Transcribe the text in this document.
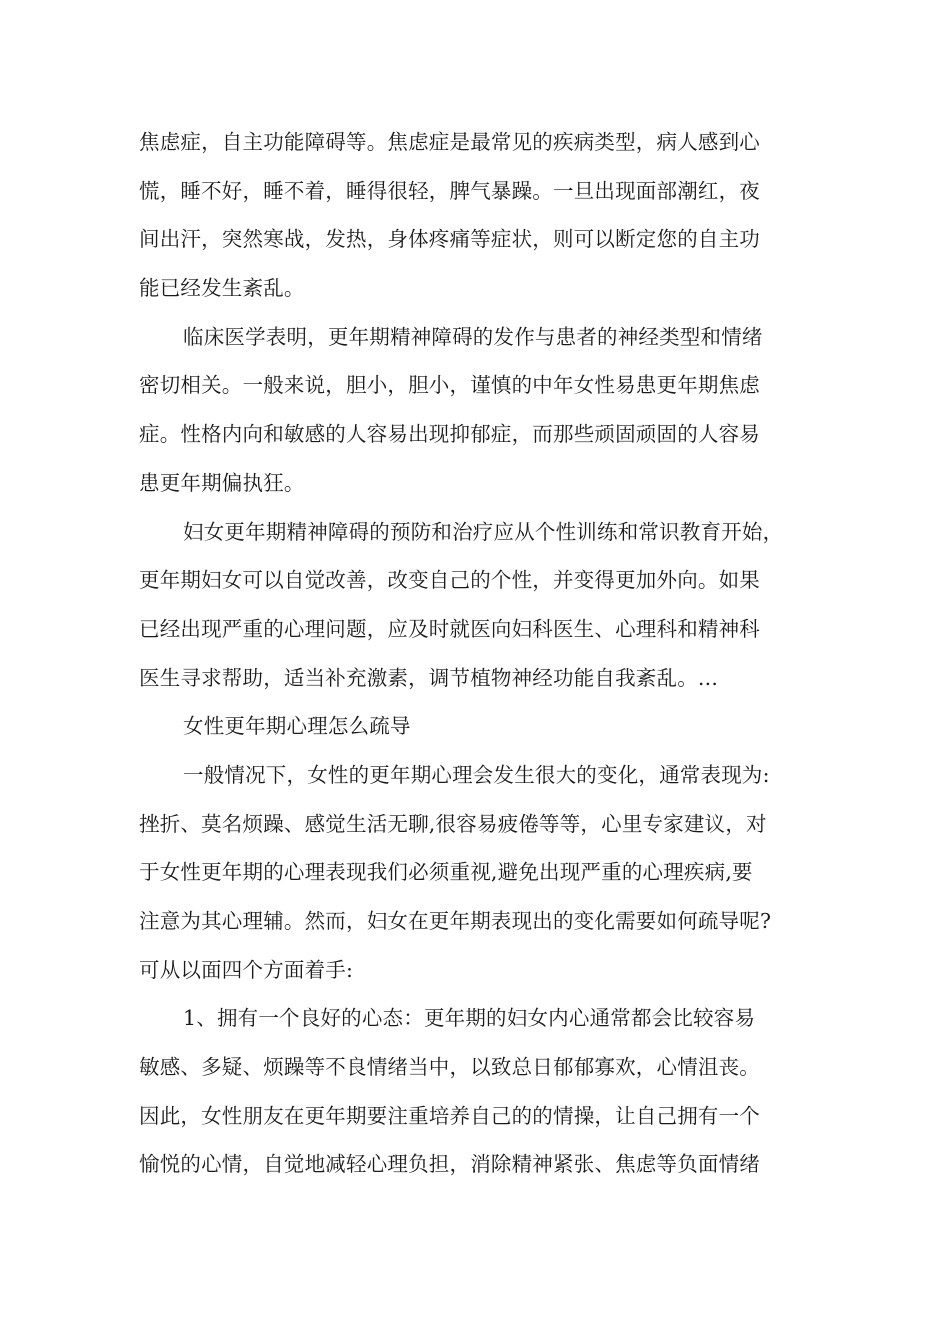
焦虑症，自主功能障碍等。焦虑症是最常见的疾病类型，病人感到心
慌，睡不好，睡不着，睡得很轻，脾气暴躁。一旦出现面部潮红，夜
间出汗，突然寒战，发热，身体疼痛等症状，则可以断定您的自主功
能已经发生紊乱。
临床医学表明，更年期精神障碍的发作与患者的神经类型和情绪
密切相关。一般来说，胆小，胆小，谨慎的中年女性易患更年期焦虑
症。性格内向和敏感的人容易出现抑郁症，而那些顽固顽固的人容易
患更年期偏执狂。
妇女更年期精神障碍的预防和治疗应从个性训练和常识教育开始，
更年期妇女可以自觉改善，改变自己的个性，并变得更加外向。如果
已经出现严重的心理问题，应及时就医向妇科医生、心理科和精神科
医生寻求帮助，适当补充激素，调节植物神经功能自我紊乱。...
女性更年期心理怎么疏导
一般情况下，女性的更年期心理会发生很大的变化，通常表现为:
挫折、莫名烦躁、感觉生活无聊,很容易疲倦等等，心里专家建议，对
于女性更年期的心理表现我们必须重视,避免出现严重的心理疾病,要
注意为其心理辅。然而，妇女在更年期表现出的变化需要如何疏导呢?
可从以面四个方面着手:
1、拥有一个良好的心态：更年期的妇女内心通常都会比较容易
敏感、多疑、烦躁等不良情绪当中，以致总日郁郁寡欢，心情沮丧。
因此，女性朋友在更年期要注重培养自己的的情操，让自己拥有一个
愉悦的心情，自觉地减轻心理负担，消除精神紧张、焦虑等负面情绪
